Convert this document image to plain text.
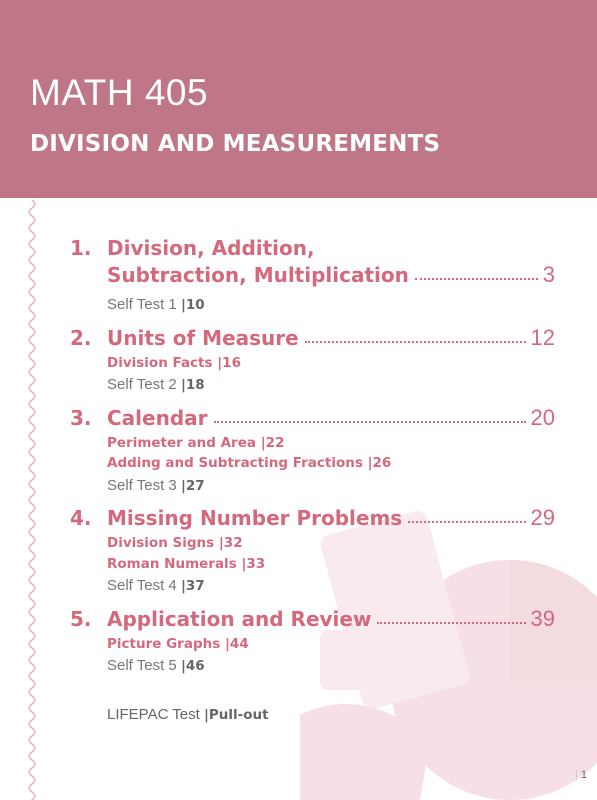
MATH 405
DIVISION AND MEASUREMENTS
1. Division, Addition,
Subtraction, Multiplication	3
Self Test 1 |10
2. Units of Measure	12
Division Facts |16
Self Test 2 |18
3. Calendar	20
Perimeter and Area |22
Adding and Subtracting Fractions |26
Self Test 3 |27
4. Missing Number Problems	29
Division Signs |32
Roman Numerals |33
Self Test 4 |37
5. Application and Review	39
Picture Graphs |44
Self Test 5 |46
LIFEPAC Test |Pull-out
| 1
